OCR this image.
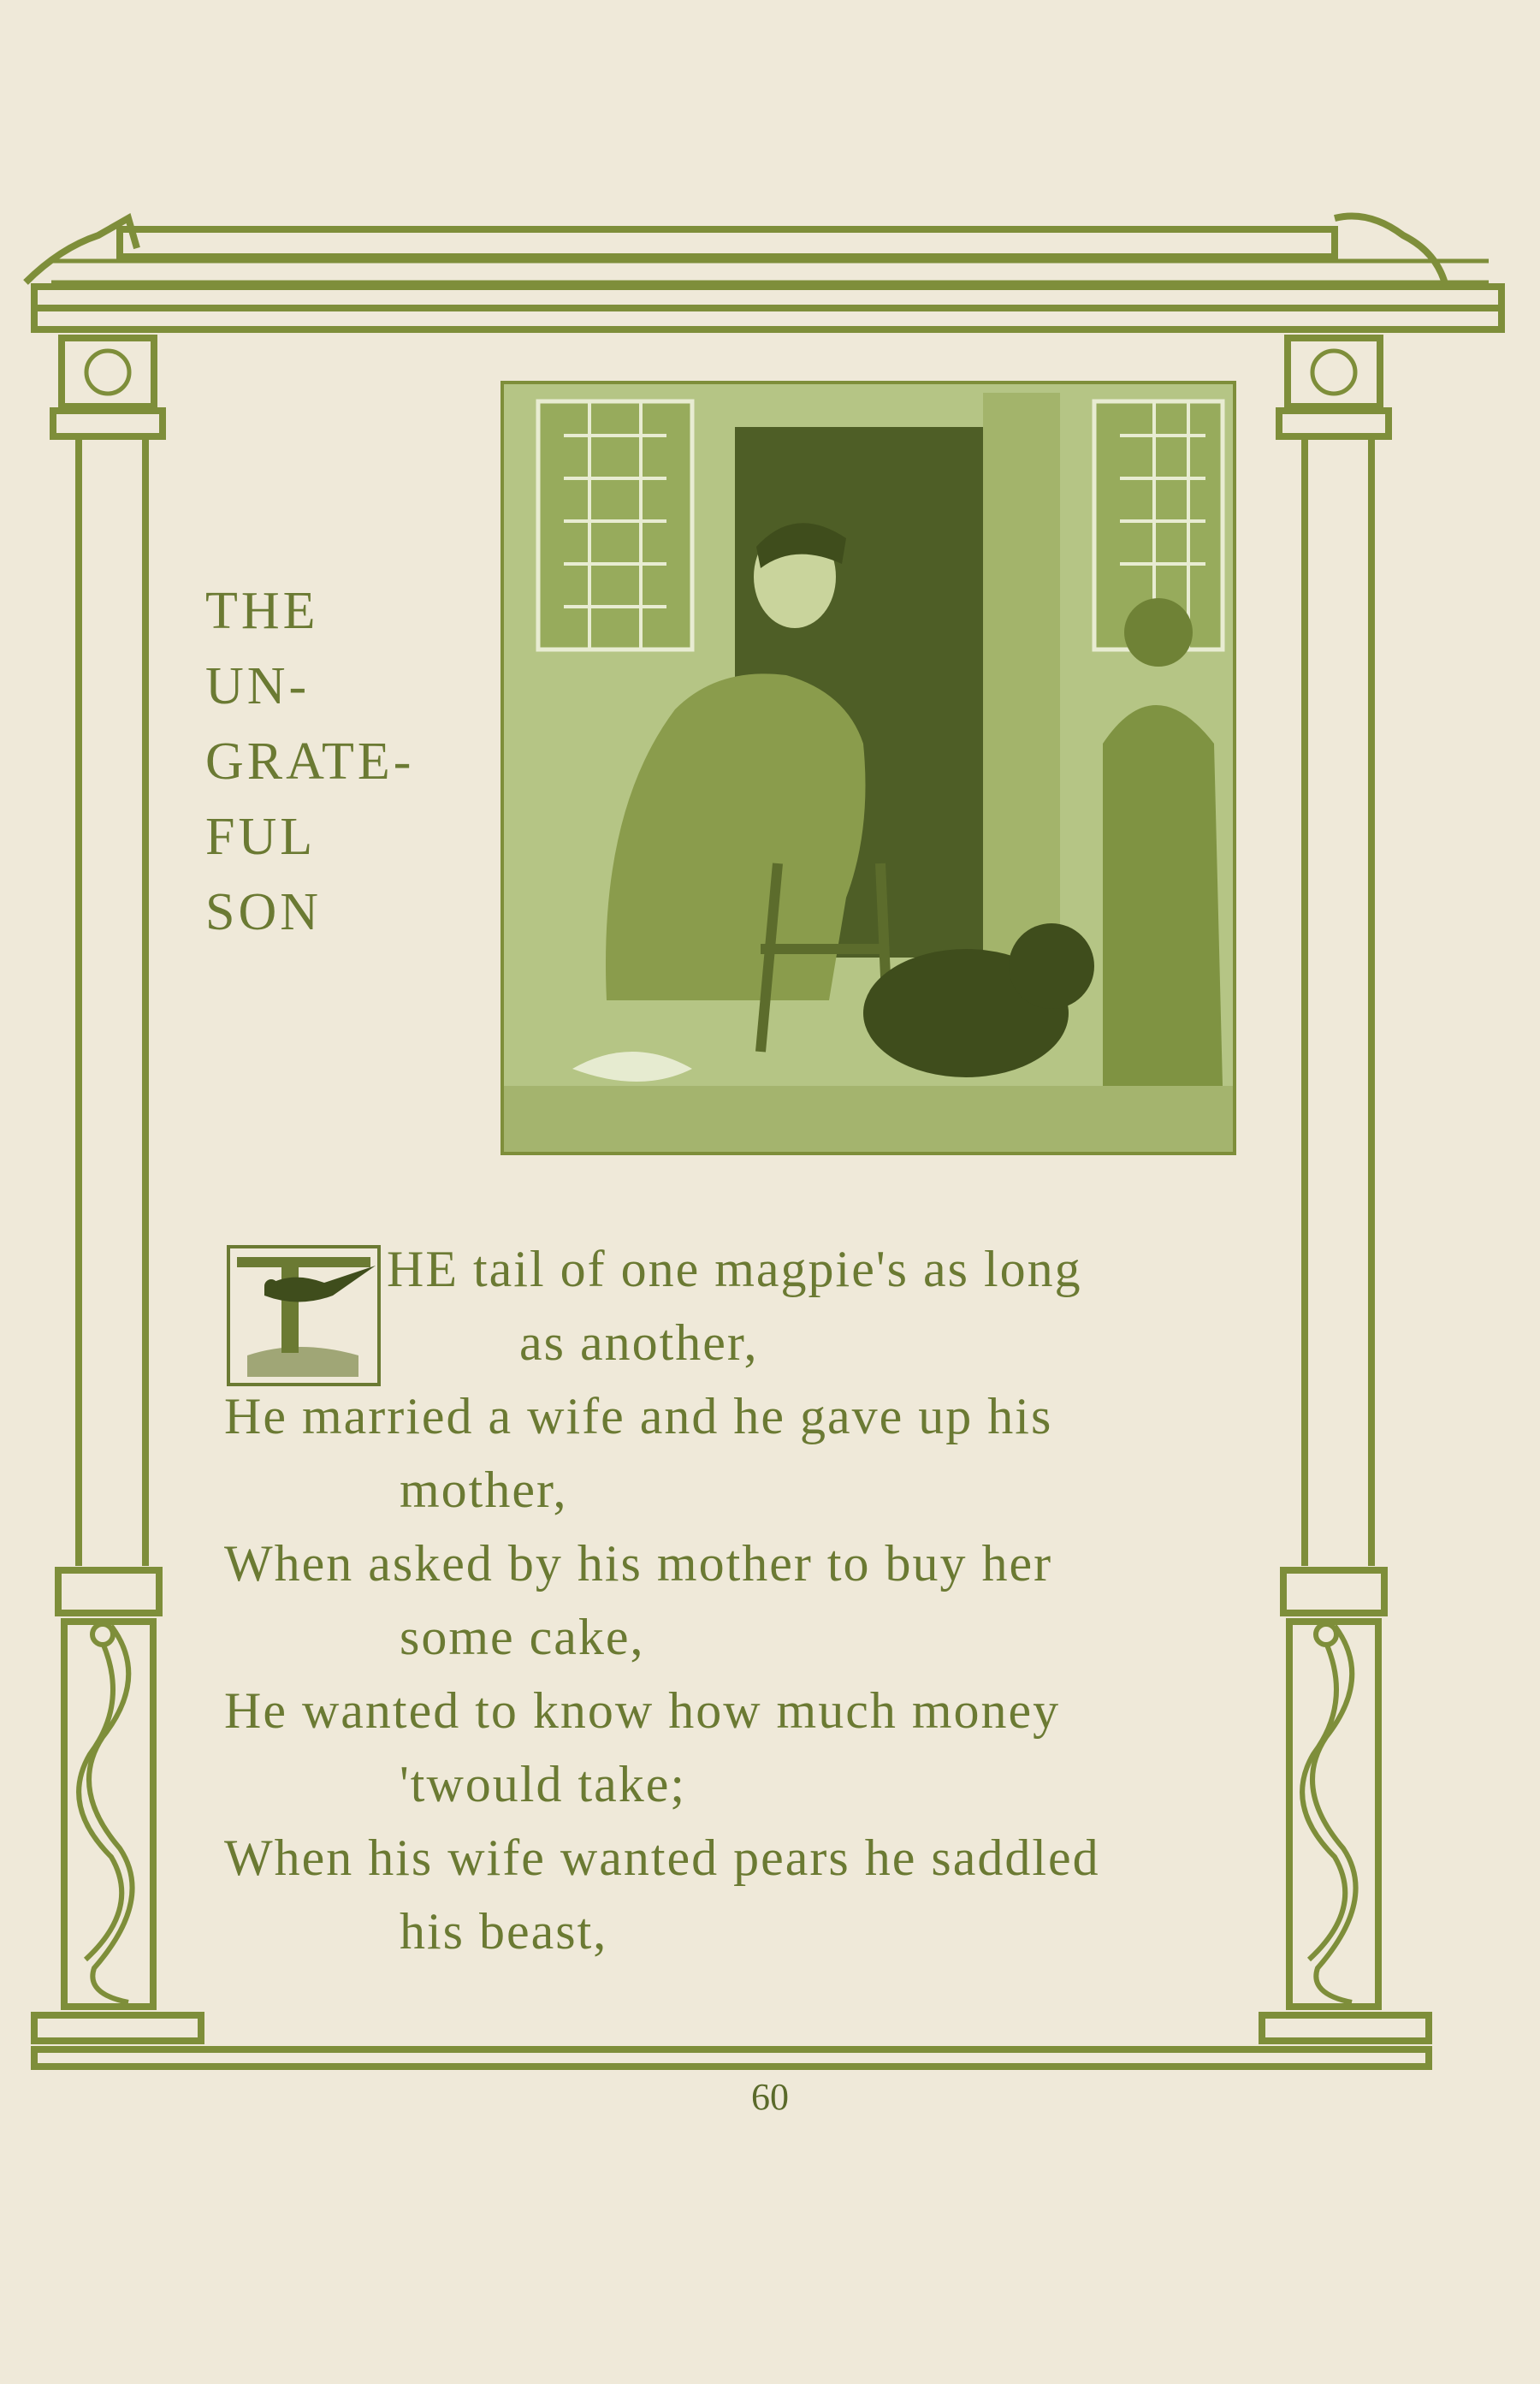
THE
UN-
GRATE-
FUL
SON
HE tail of one magpie's as long
as another,
He married a wife and he gave up his
mother,
When asked by his mother to buy her
some cake,
He wanted to know how much money
'twould take;
When his wife wanted pears he saddled
his beast,
60
